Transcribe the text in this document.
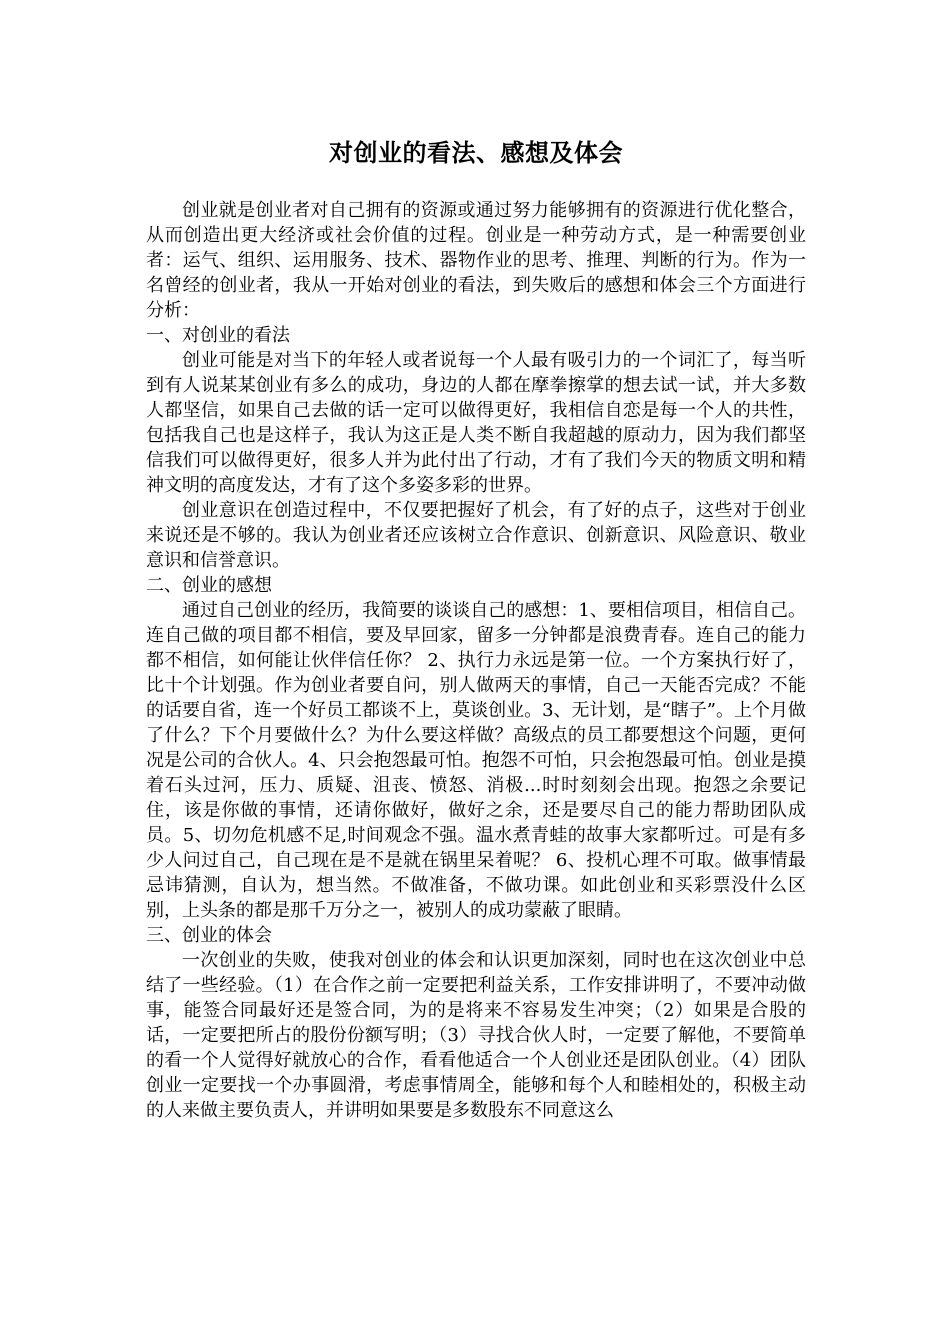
对创业的看法、感想及体会

创业就是创业者对自己拥有的资源或通过努力能够拥有的资源进行优化整合，从而创造出更大经济或社会价值的过程。创业是一种劳动方式，是一种需要创业者：运气、组织、运用服务、技术、器物作业的思考、推理、判断的行为。作为一名曾经的创业者，我从一开始对创业的看法，到失败后的感想和体会三个方面进行分析：

一、对创业的看法

创业可能是对当下的年轻人或者说每一个人最有吸引力的一个词汇了，每当听到有人说某某创业有多么的成功，身边的人都在摩拳擦掌的想去试一试，并大多数人都坚信，如果自己去做的话一定可以做得更好，我相信自恋是每一个人的共性，包括我自己也是这样子，我认为这正是人类不断自我超越的原动力，因为我们都坚信我们可以做得更好，很多人并为此付出了行动，才有了我们今天的物质文明和精神文明的高度发达，才有了这个多姿多彩的世界。

创业意识在创造过程中，不仅要把握好了机会，有了好的点子，这些对于创业来说还是不够的。我认为创业者还应该树立合作意识、创新意识、风险意识、敬业意识和信誉意识。

二、创业的感想

通过自己创业的经历，我简要的谈谈自己的感想：1、要相信项目，相信自己。连自己做的项目都不相信，要及早回家，留多一分钟都是浪费青春。连自己的能力都不相信，如何能让伙伴信任你？ 2、执行力永远是第一位。一个方案执行好了，比十个计划强。作为创业者要自问，别人做两天的事情，自己一天能否完成？不能的话要自省，连一个好员工都谈不上，莫谈创业。3、无计划，是“瞎子”。上个月做了什么？下个月要做什么？为什么要这样做？高级点的员工都要想这个问题，更何况是公司的合伙人。4、只会抱怨最可怕。抱怨不可怕，只会抱怨最可怕。创业是摸着石头过河，压力、质疑、沮丧、愤怒、消极...时时刻刻会出现。抱怨之余要记住，该是你做的事情，还请你做好，做好之余，还是要尽自己的能力帮助团队成员。5、切勿危机感不足,时间观念不强。温水煮青蛙的故事大家都听过。可是有多少人问过自己，自己现在是不是就在锅里呆着呢？ 6、投机心理不可取。做事情最忌讳猜测，自认为，想当然。不做准备，不做功课。如此创业和买彩票没什么区别，上头条的都是那千万分之一，被别人的成功蒙蔽了眼睛。

三、创业的体会

一次创业的失败，使我对创业的体会和认识更加深刻，同时也在这次创业中总结了一些经验。（1）在合作之前一定要把利益关系，工作安排讲明了，不要冲动做事，能签合同最好还是签合同，为的是将来不容易发生冲突；（2）如果是合股的话，一定要把所占的股份份额写明；（3）寻找合伙人时，一定要了解他，不要简单的看一个人觉得好就放心的合作，看看他适合一个人创业还是团队创业。（4）团队创业一定要找一个办事圆滑，考虑事情周全，能够和每个人和睦相处的，积极主动的人来做主要负责人，并讲明如果要是多数股东不同意这么
